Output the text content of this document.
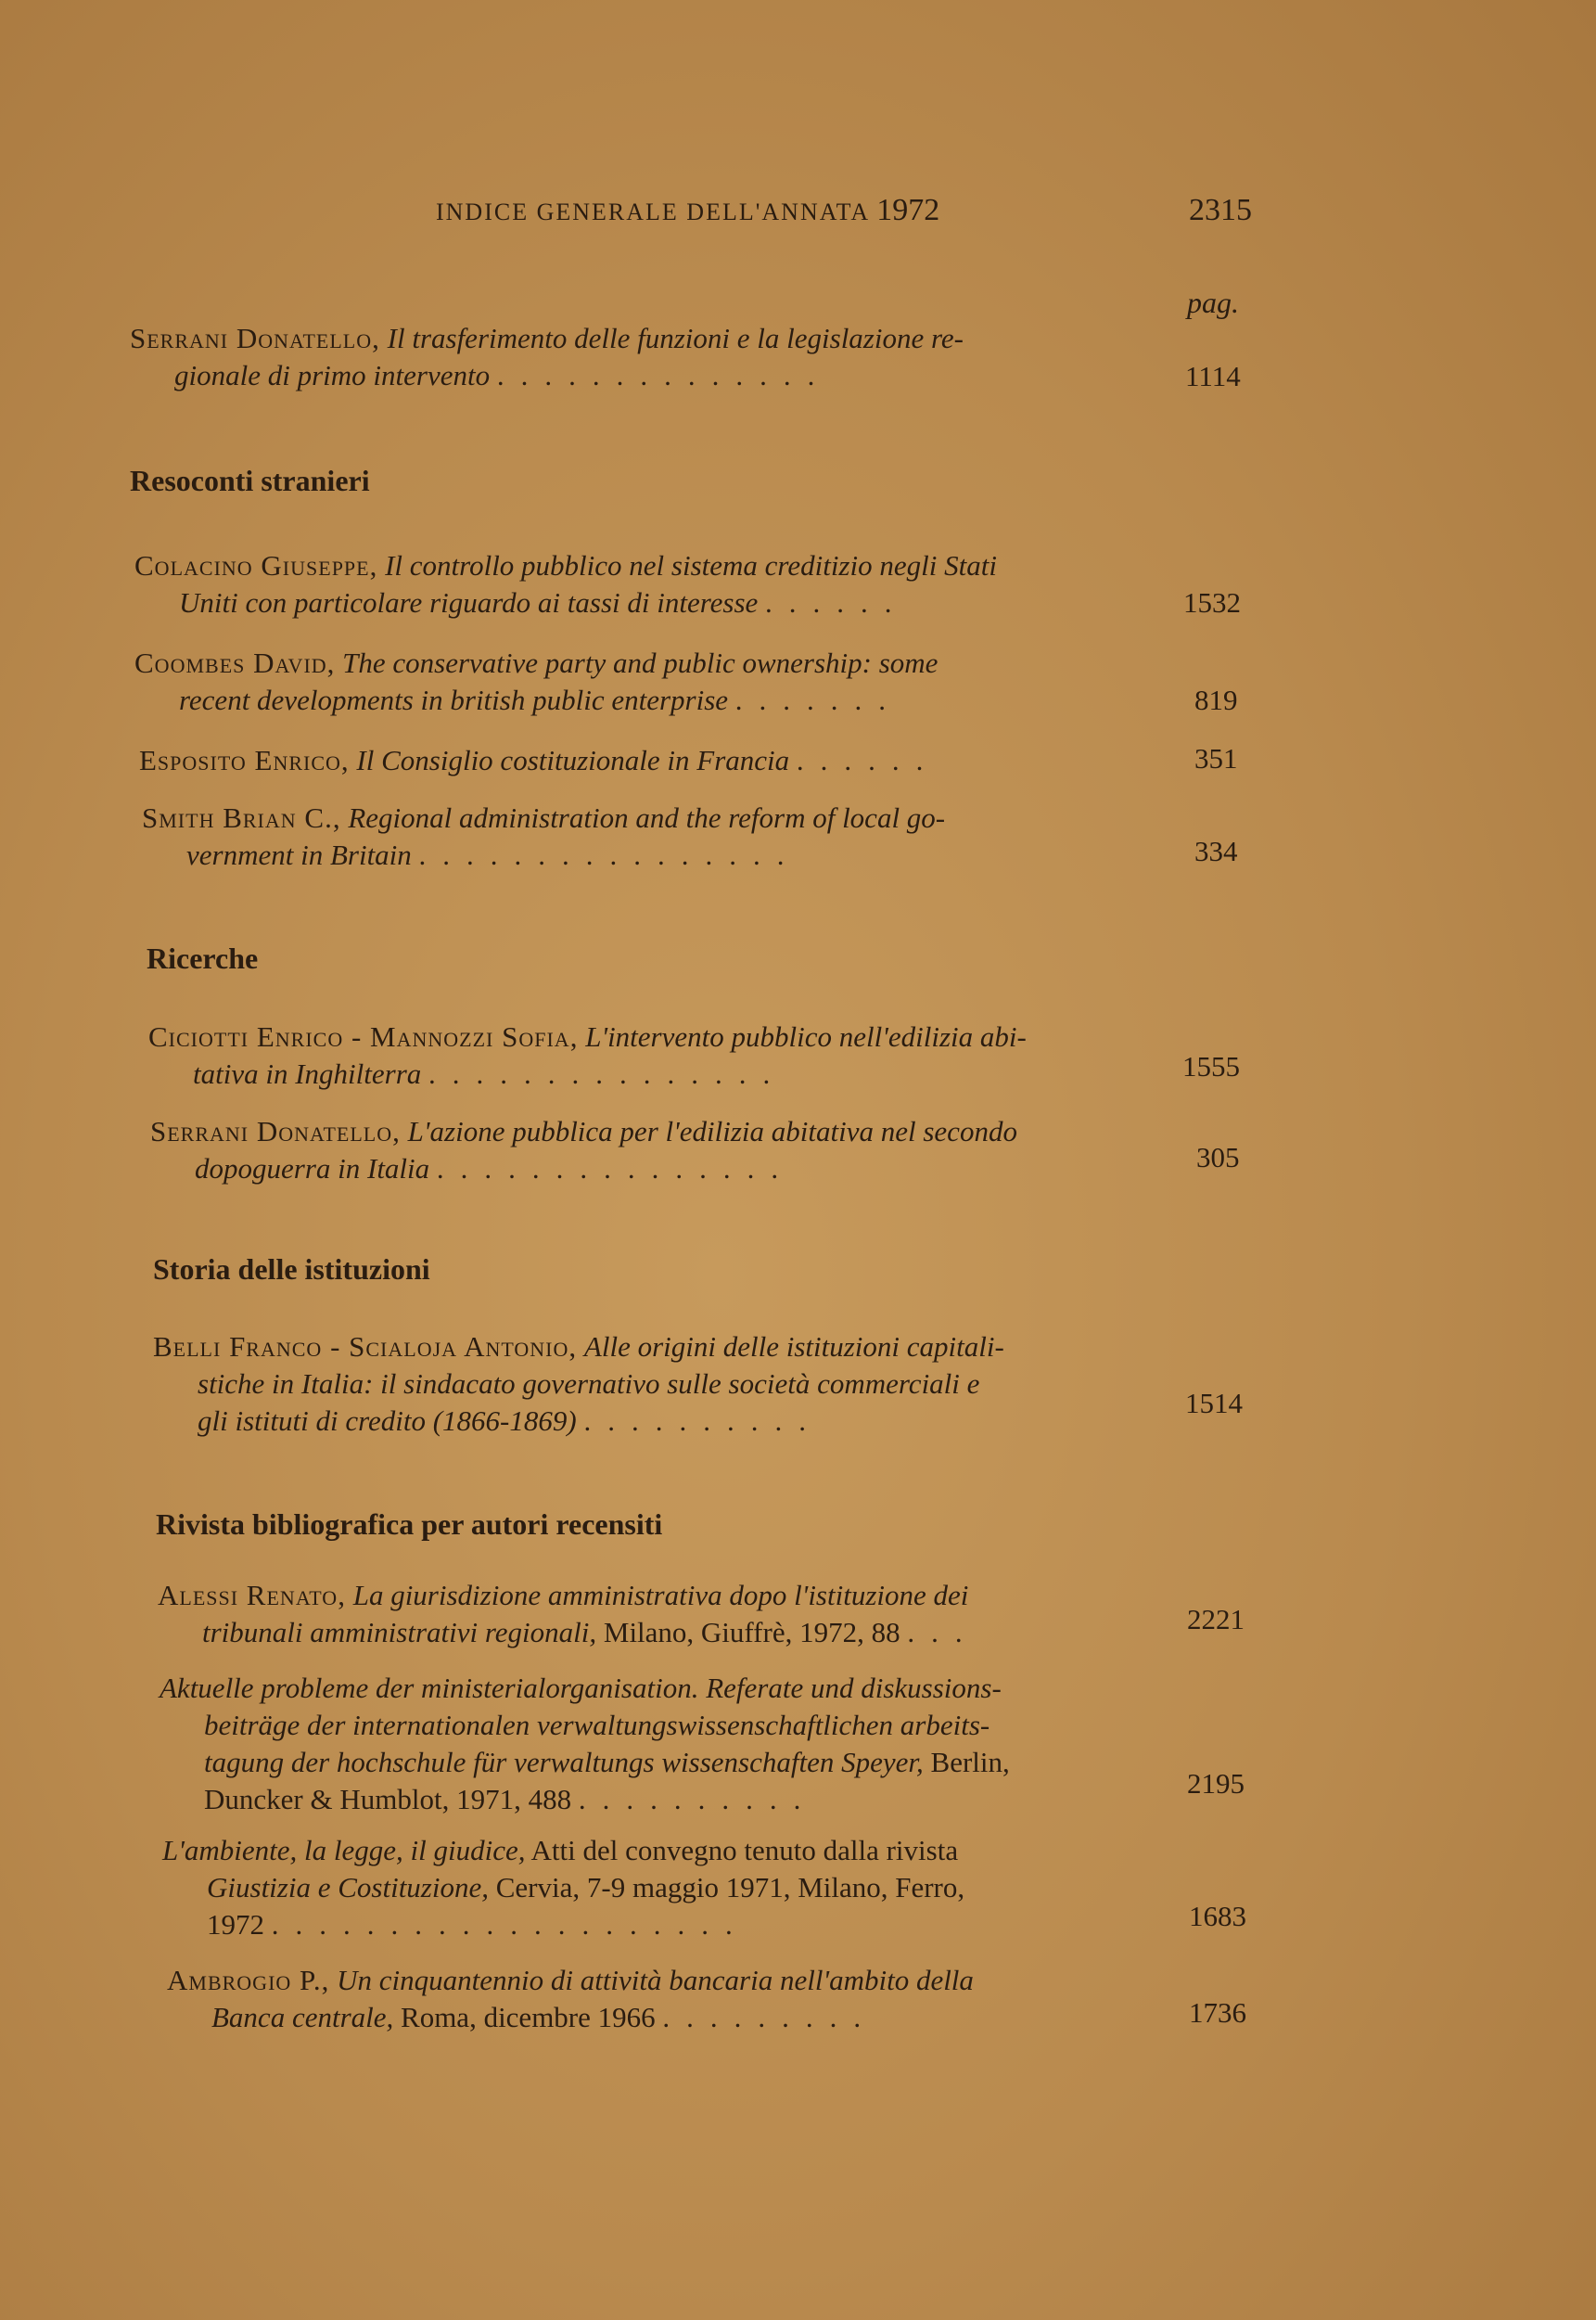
INDICE GENERALE DELL'ANNATA 1972	2315
pag.
Serrani Donatello, Il trasferimento delle funzioni e la legislazione re-
gionale di primo intervento ..............	1114
Resoconti stranieri
Colacino Giuseppe, Il controllo pubblico nel sistema creditizio negli Stati
Uniti con particolare riguardo ai tassi di interesse ......	1532
Coombes David, The conservative party and public ownership: some
recent developments in british public enterprise .......	819
Esposito Enrico, Il Consiglio costituzionale in Francia ......	351
Smith Brian C., Regional administration and the reform of local go-
vernment in Britain ................	334
Ricerche
Ciciotti Enrico - Mannozzi Sofia, L'intervento pubblico nell'edilizia abi-
tativa in Inghilterra ...............	1555
Serrani Donatello, L'azione pubblica per l'edilizia abitativa nel secondo
dopoguerra in Italia ...............	305
Storia delle istituzioni
Belli Franco - Scialoja Antonio, Alle origini delle istituzioni capitali-
stiche in Italia: il sindacato governativo sulle società commerciali e
gli istituti di credito (1866-1869) ..........
1514
Rivista bibliografica per autori recensiti
Alessi Renato, La giurisdizione amministrativa dopo l'istituzione dei
tribunali amministrativi regionali, Milano, Giuffrè, 1972, 88 ...	2221
Aktuelle probleme der ministerialorganisation. Referate und diskussions-
beiträge der internationalen verwaltungswissenschaftlichen arbeits-
tagung der hochschule für verwaltungs wissenschaften Speyer, Berlin,
Duncker & Humblot, 1971, 488 ..........	2195
L'ambiente, la legge, il giudice, Atti del convegno tenuto dalla rivista
Giustizia e Costituzione, Cervia, 7-9 maggio 1971, Milano, Ferro,
1972 ....................	1683
Ambrogio P., Un cinquantennio di attività bancaria nell'ambito della
Banca centrale, Roma, dicembre 1966 .........	1736
